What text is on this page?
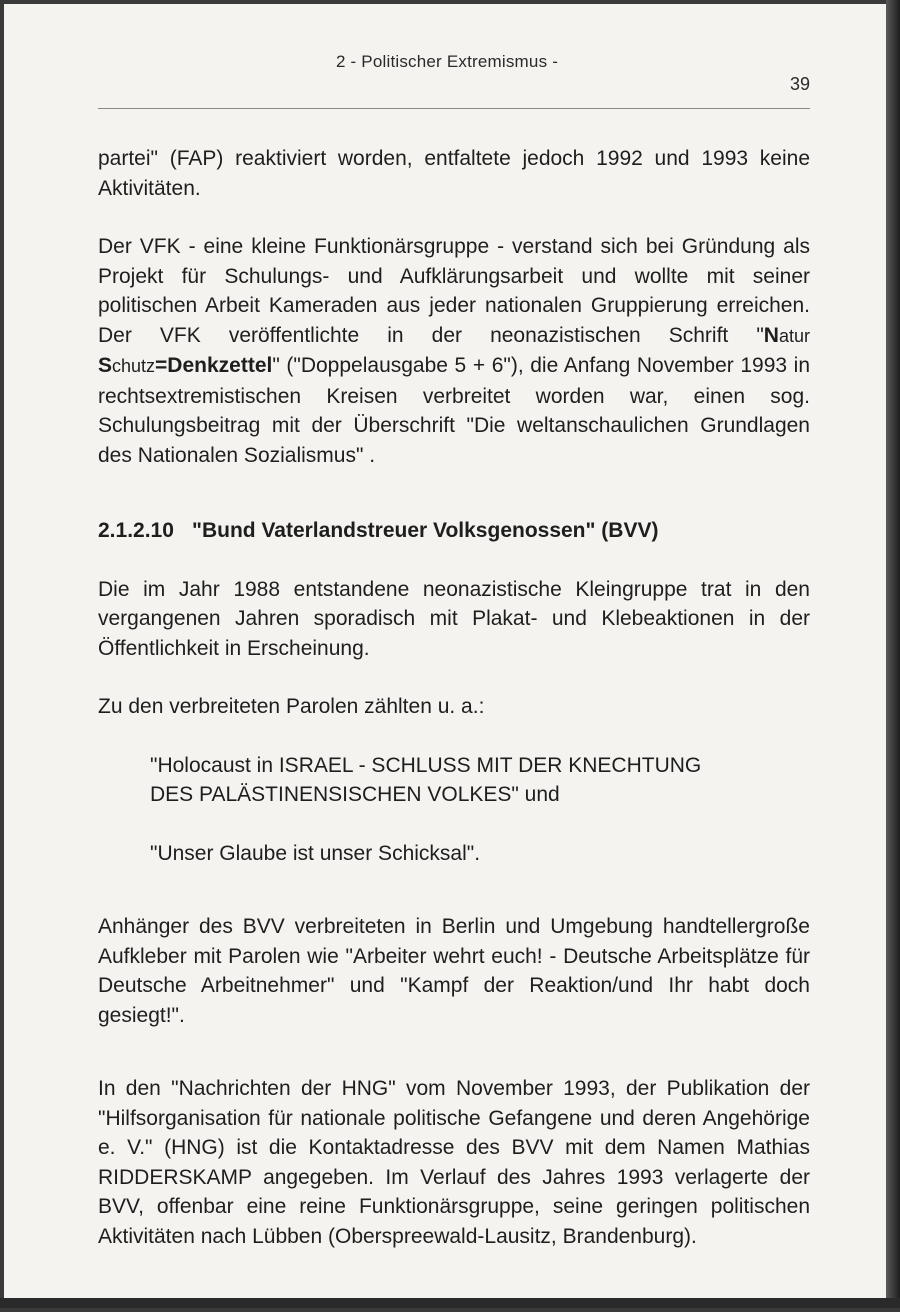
2 - Politischer Extremismus -
39

partei" (FAP) reaktiviert worden, entfaltete jedoch 1992 und 1993 keine Aktivitäten.

Der VFK - eine kleine Funktionärsgruppe - verstand sich bei Gründung als Projekt für Schulungs- und Aufklärungsarbeit und wollte mit seiner politischen Arbeit Kameraden aus jeder nationalen Gruppierung erreichen. Der VFK veröffentlichte in der neonazistischen Schrift "Natur Schutz=Denkzettel" ("Doppelausgabe 5 + 6"), die Anfang November 1993 in rechtsextremistischen Kreisen verbreitet worden war, einen sog. Schulungsbeitrag mit der Überschrift "Die weltanschaulichen Grundlagen des Nationalen Sozialismus" .

2.1.2.10 "Bund Vaterlandstreuer Volksgenossen" (BVV)

Die im Jahr 1988 entstandene neonazistische Kleingruppe trat in den vergangenen Jahren sporadisch mit Plakat- und Klebeaktionen in der Öffentlichkeit in Erscheinung.

Zu den verbreiteten Parolen zählten u. a.:

"Holocaust in ISRAEL - SCHLUSS MIT DER KNECHTUNG
DES PALÄSTINENSISCHEN VOLKES" und

"Unser Glaube ist unser Schicksal".

Anhänger des BVV verbreiteten in Berlin und Umgebung handtellergroße Aufkleber mit Parolen wie "Arbeiter wehrt euch! - Deutsche Arbeitsplätze für Deutsche Arbeitnehmer" und "Kampf der Reaktion/und Ihr habt doch gesiegt!".

In den "Nachrichten der HNG" vom November 1993, der Publikation der "Hilfsorganisation für nationale politische Gefangene und deren Angehörige e. V." (HNG) ist die Kontaktadresse des BVV mit dem Namen Mathias RIDDERSKAMP angegeben. Im Verlauf des Jahres 1993 verlagerte der BVV, offenbar eine reine Funktionärsgruppe, seine geringen politischen Aktivitäten nach Lübben (Oberspreewald-Lausitz, Brandenburg).
